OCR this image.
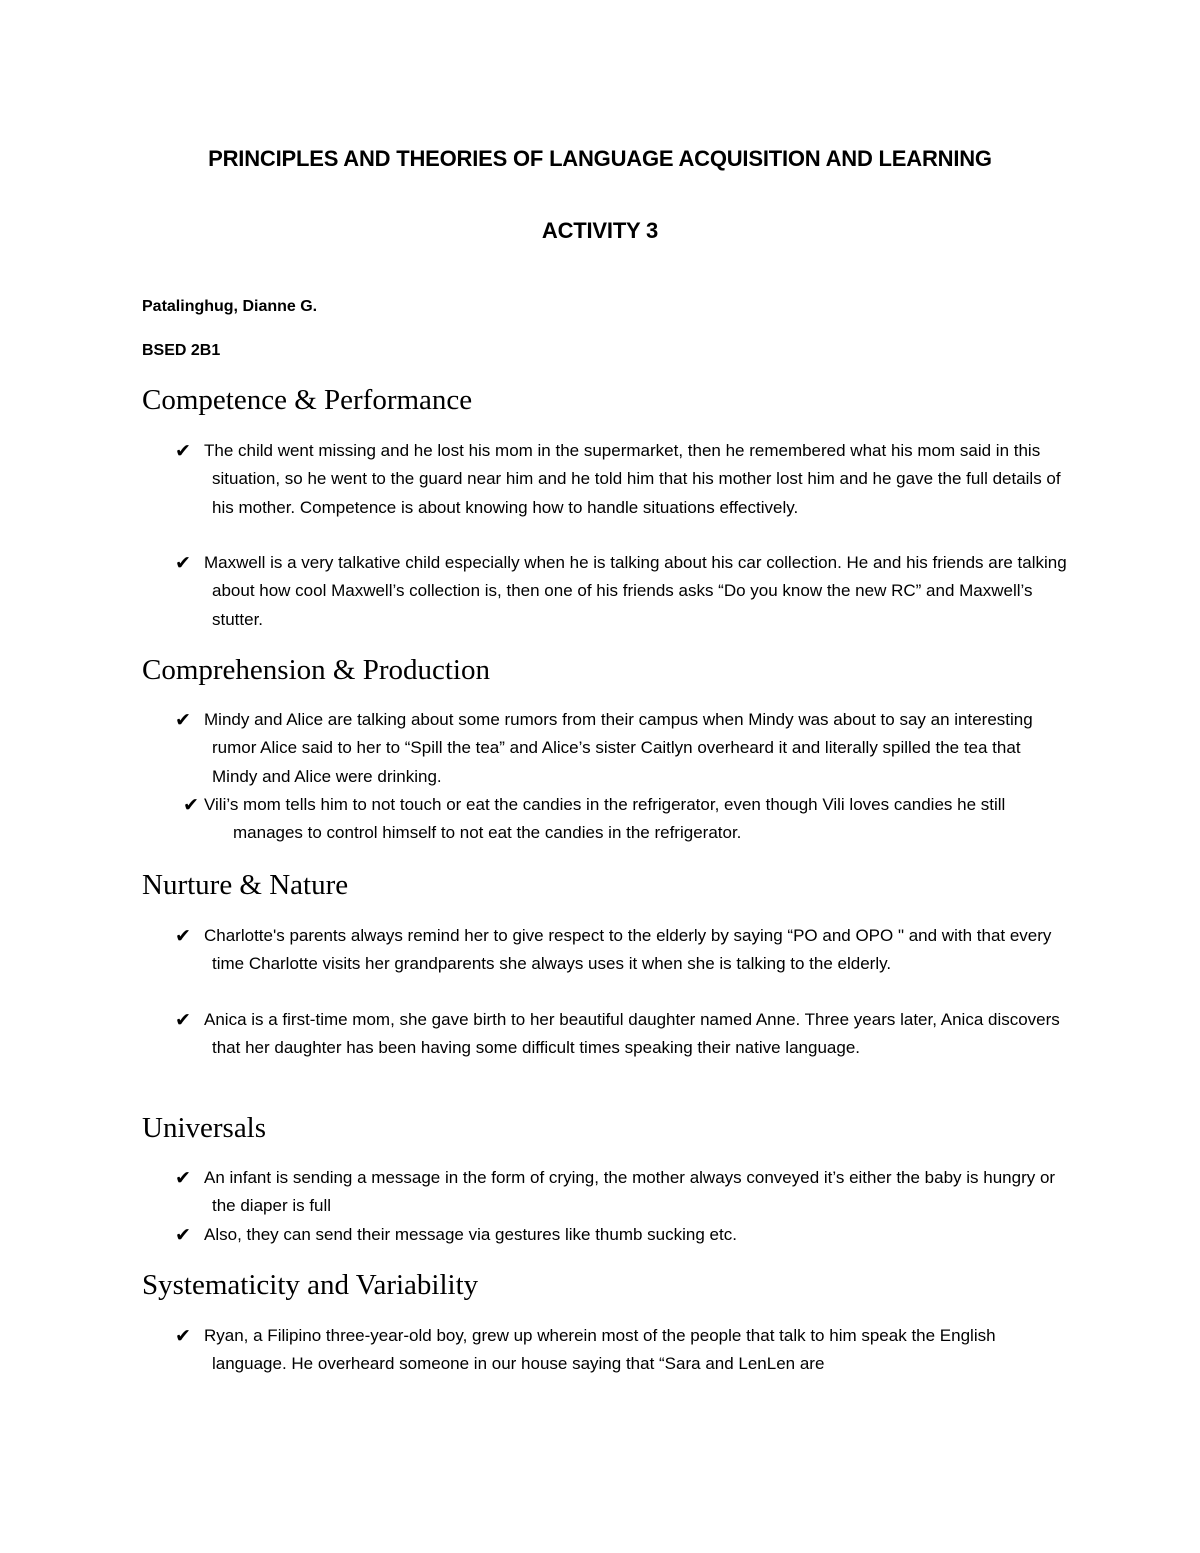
PRINCIPLES AND THEORIES OF LANGUAGE ACQUISITION AND LEARNING
ACTIVITY 3

Patalinghug, Dianne G.

BSED 2B1

Competence & Performance
✔ The child went missing and he lost his mom in the supermarket, then he remembered what his mom said in this situation, so he went to the guard near him and he told him that his mother lost him and he gave the full details of his mother. Competence is about knowing how to handle situations effectively.
✔ Maxwell is a very talkative child especially when he is talking about his car collection. He and his friends are talking about how cool Maxwell’s collection is, then one of his friends asks “Do you know the new RC” and Maxwell’s stutter.
Comprehension & Production
✔ Mindy and Alice are talking about some rumors from their campus when Mindy was about to say an interesting rumor Alice said to her to “Spill the tea” and Alice’s sister Caitlyn overheard it and literally spilled the tea that Mindy and Alice were drinking.
✔ Vili’s mom tells him to not touch or eat the candies in the refrigerator, even though Vili loves candies he still manages to control himself to not eat the candies in the refrigerator.
Nurture & Nature
✔ Charlotte's parents always remind her to give respect to the elderly by saying “PO and OPO " and with that every time Charlotte visits her grandparents she always uses it when she is talking to the elderly.
✔ Anica is a first-time mom, she gave birth to her beautiful daughter named Anne. Three years later, Anica discovers that her daughter has been having some difficult times speaking their native language.
Universals
✔ An infant is sending a message in the form of crying, the mother always conveyed it’s either the baby is hungry or the diaper is full
✔ Also, they can send their message via gestures like thumb sucking etc.
Systematicity and Variability
✔ Ryan, a Filipino three-year-old boy, grew up wherein most of the people that talk to him speak the English language. He overheard someone in our house saying that “Sara and LenLen are
